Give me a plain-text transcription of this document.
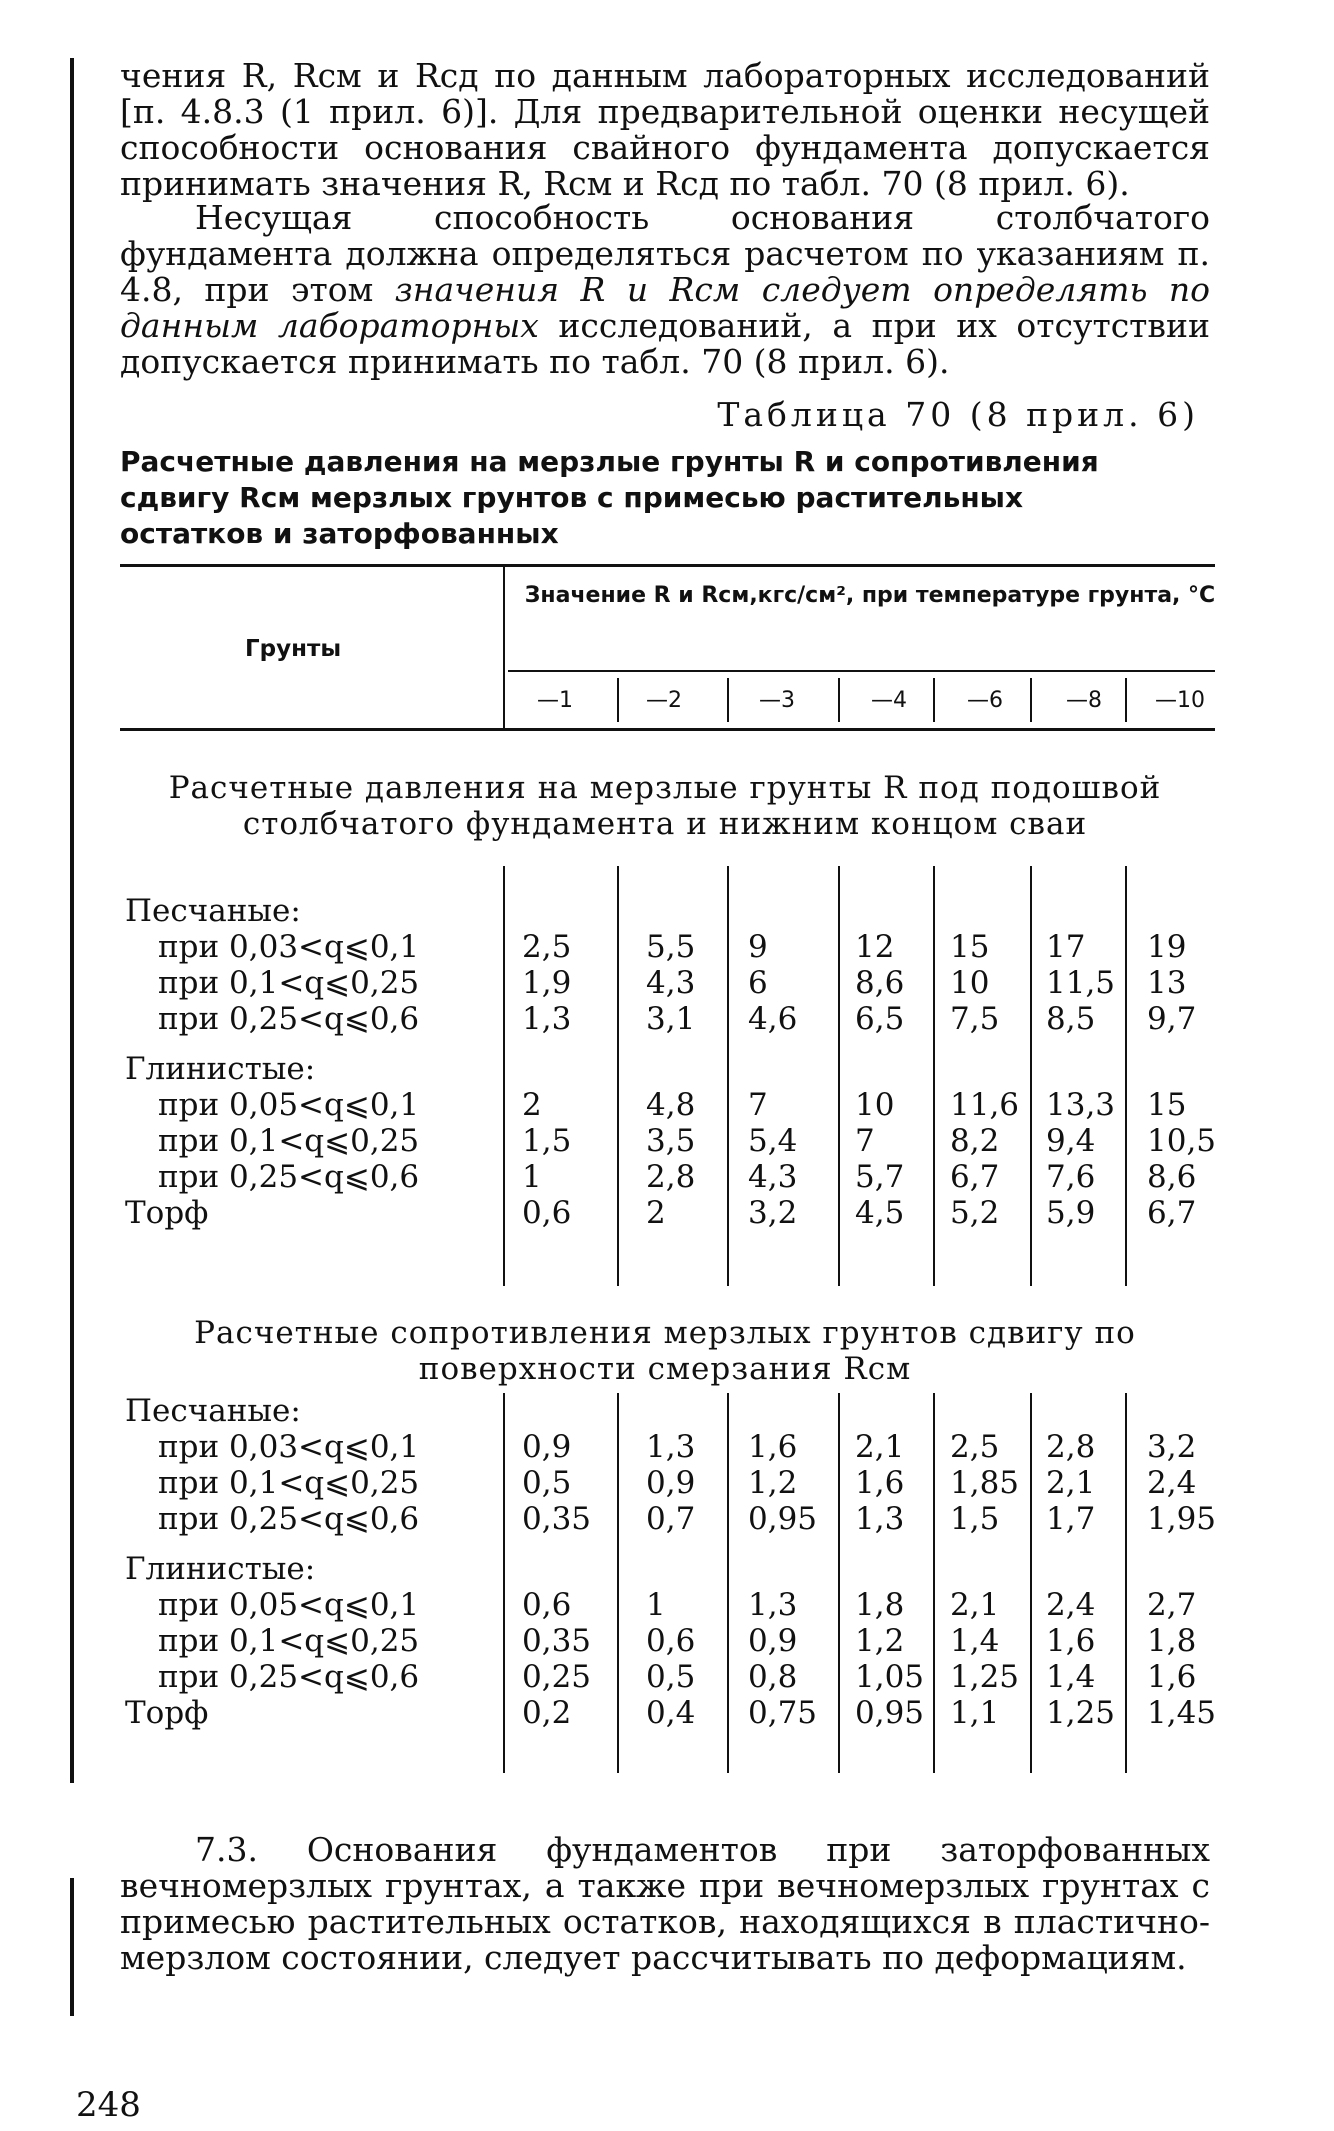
чения R, Rсм и Rсд по данным лабораторных исследований [п. 4.8.3 (1 прил. 6)]. Для предварительной оценки несущей способности основания свайного фундамента допускается принимать значения R, Rсм и Rсд по табл. 70 (8 прил. 6).

Несущая способность основания столбчатого фундамента должна определяться расчетом по указаниям п. 4.8, при этом значения R и Rсм следует определять по данным лабораторных исследований, а при их отсутствии допускается принимать по табл. 70 (8 прил. 6).

Таблица 70 (8 прил. 6)
Расчетные давления на мерзлые грунты R и сопротивления сдвигу Rсм мерзлых грунтов с примесью растительных остатков и заторфованных
Грунты
Значение R и Rсм,кгс/см², при температуре грунта, °С
—1	—2	—3	—4	—6	—8	—10
Расчетные давления на мерзлые грунты R под подошвой столбчатого фундамента и нижним концом сваи
Песчаные:
при 0,03<q⩽0,1	2,5 5,5 9	12 15 17 19
при 0,1<q⩽0,25	1,9 4,3 6	8,6 10 11,5 13
при 0,25<q⩽0,6	1,3 3,1 4,6 6,5 7,5 8,5 9,7
Глинистые:
при 0,05<q⩽0,1	2	4,8 7	10 11,6 13,3 15
при 0,1<q⩽0,25	1,5 3,5 5,4 7 8,2 9,4 10,5
при 0,25<q⩽0,6	1	2,8 4,3 5,7 6,7 7,6 8,6
Торф	0,6 2	3,2 4,5 5,2 5,9 6,7
Расчетные сопротивления мерзлых грунтов сдвигу по поверхности смерзания Rсм
Песчаные:
при 0,03<q⩽0,1	0,9 1,3 1,6 2,1 2,5 2,8 3,2
при 0,1<q⩽0,25	0,5 0,9 1,2 1,6 1,85 2,1 2,4
при 0,25<q⩽0,6	0,35 0,7 0,95 1,3 1,5 1,7 1,95
Глинистые:
при 0,05<q⩽0,1	0,6 1	1,3 1,8 2,1 2,4 2,7
при 0,1<q⩽0,25	0,35 0,6 0,9 1,2 1,4 1,6 1,8
при 0,25<q⩽0,6	0,25 0,5 0,8 1,05 1,25 1,4 1,6
Торф	0,2 0,4 0,75 0,95 1,1 1,25 1,45

7.3. Основания фундаментов при заторфованных вечномерзлых грунтах, а также при вечномерзлых грунтах с примесью растительных остатков, находящихся в пластично-мерзлом состоянии, следует рассчитывать по деформациям.

248
